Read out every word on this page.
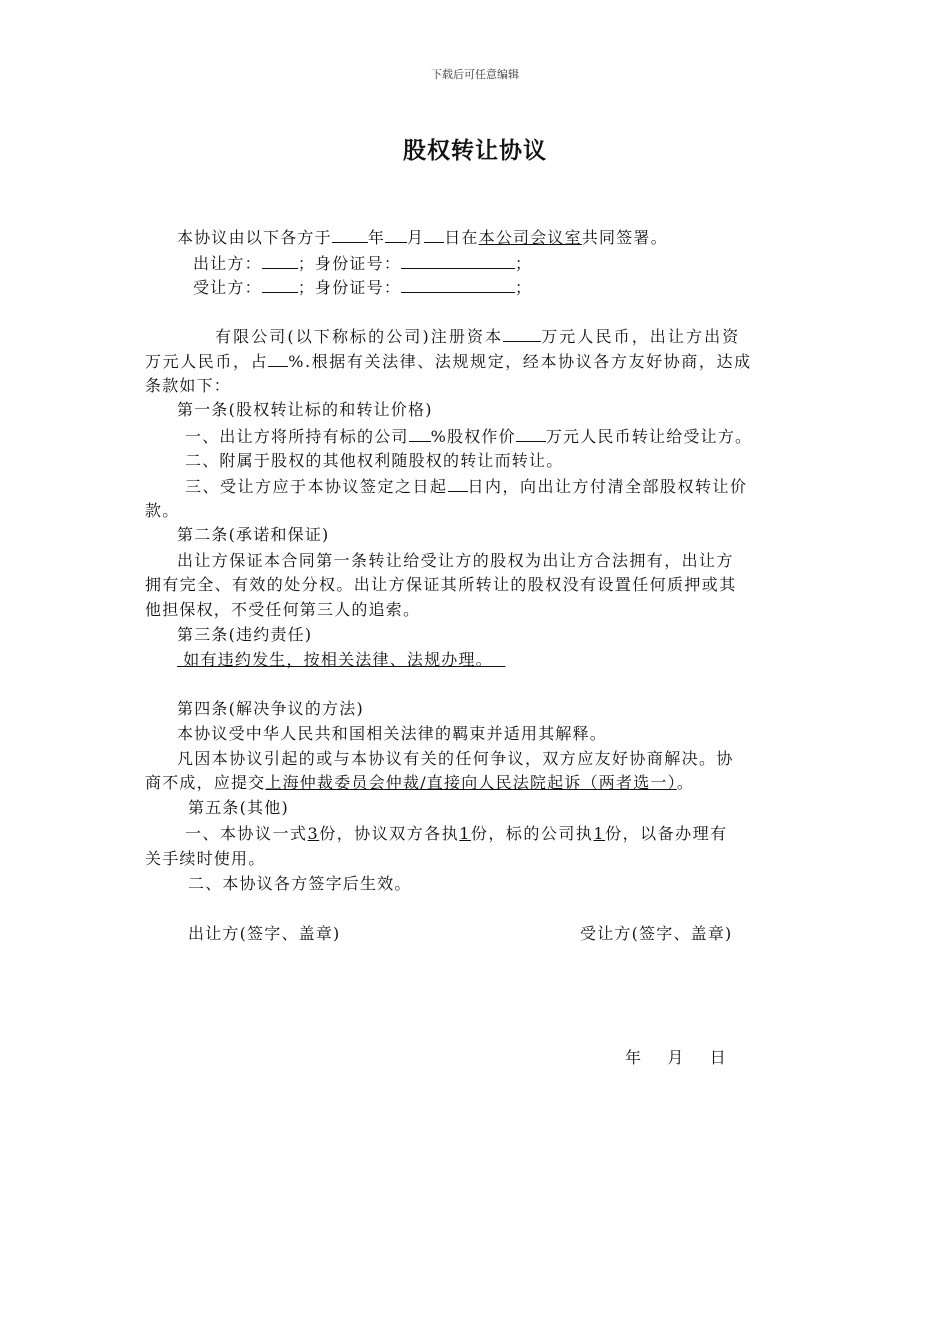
下载后可任意编辑
股权转让协议
本协议由以下各方于 年 月 日在本公司会议室共同签署。
出让方： ；身份证号：	；
受让方： ；身份证号：	；
有限公司(以下称标的公司)注册资本 万元人民币，出让方出资
万元人民币，占 %.根据有关法律、法规规定，经本协议各方友好协商，达成
条款如下：
第一条(股权转让标的和转让价格)
一、出让方将所持有标的公司 %股权作价 万元人民币转让给受让方。
二、附属于股权的其他权利随股权的转让而转让。
三、受让方应于本协议签定之日起 日内，向出让方付清全部股权转让价
款。
第二条(承诺和保证)
出让方保证本合同第一条转让给受让方的股权为出让方合法拥有，出让方
拥有完全、有效的处分权。出让方保证其所转让的股权没有设置任何质押或其
他担保权，不受任何第三人的追索。
第三条(违约责任)
如有违约发生，按相关法律、法规办理。
第四条(解决争议的方法)
本协议受中华人民共和国相关法律的羁束并适用其解释。
凡因本协议引起的或与本协议有关的任何争议，双方应友好协商解决。协
商不成，应提交上海仲裁委员会仲裁/直接向人民法院起诉（两者选一）。
第五条(其他)
一、本协议一式3份，协议双方各执1份，标的公司执1份，以备办理有
关手续时使用。
二、本协议各方签字后生效。
出让方(签字、盖章)	受让方(签字、盖章)
年    月    日
